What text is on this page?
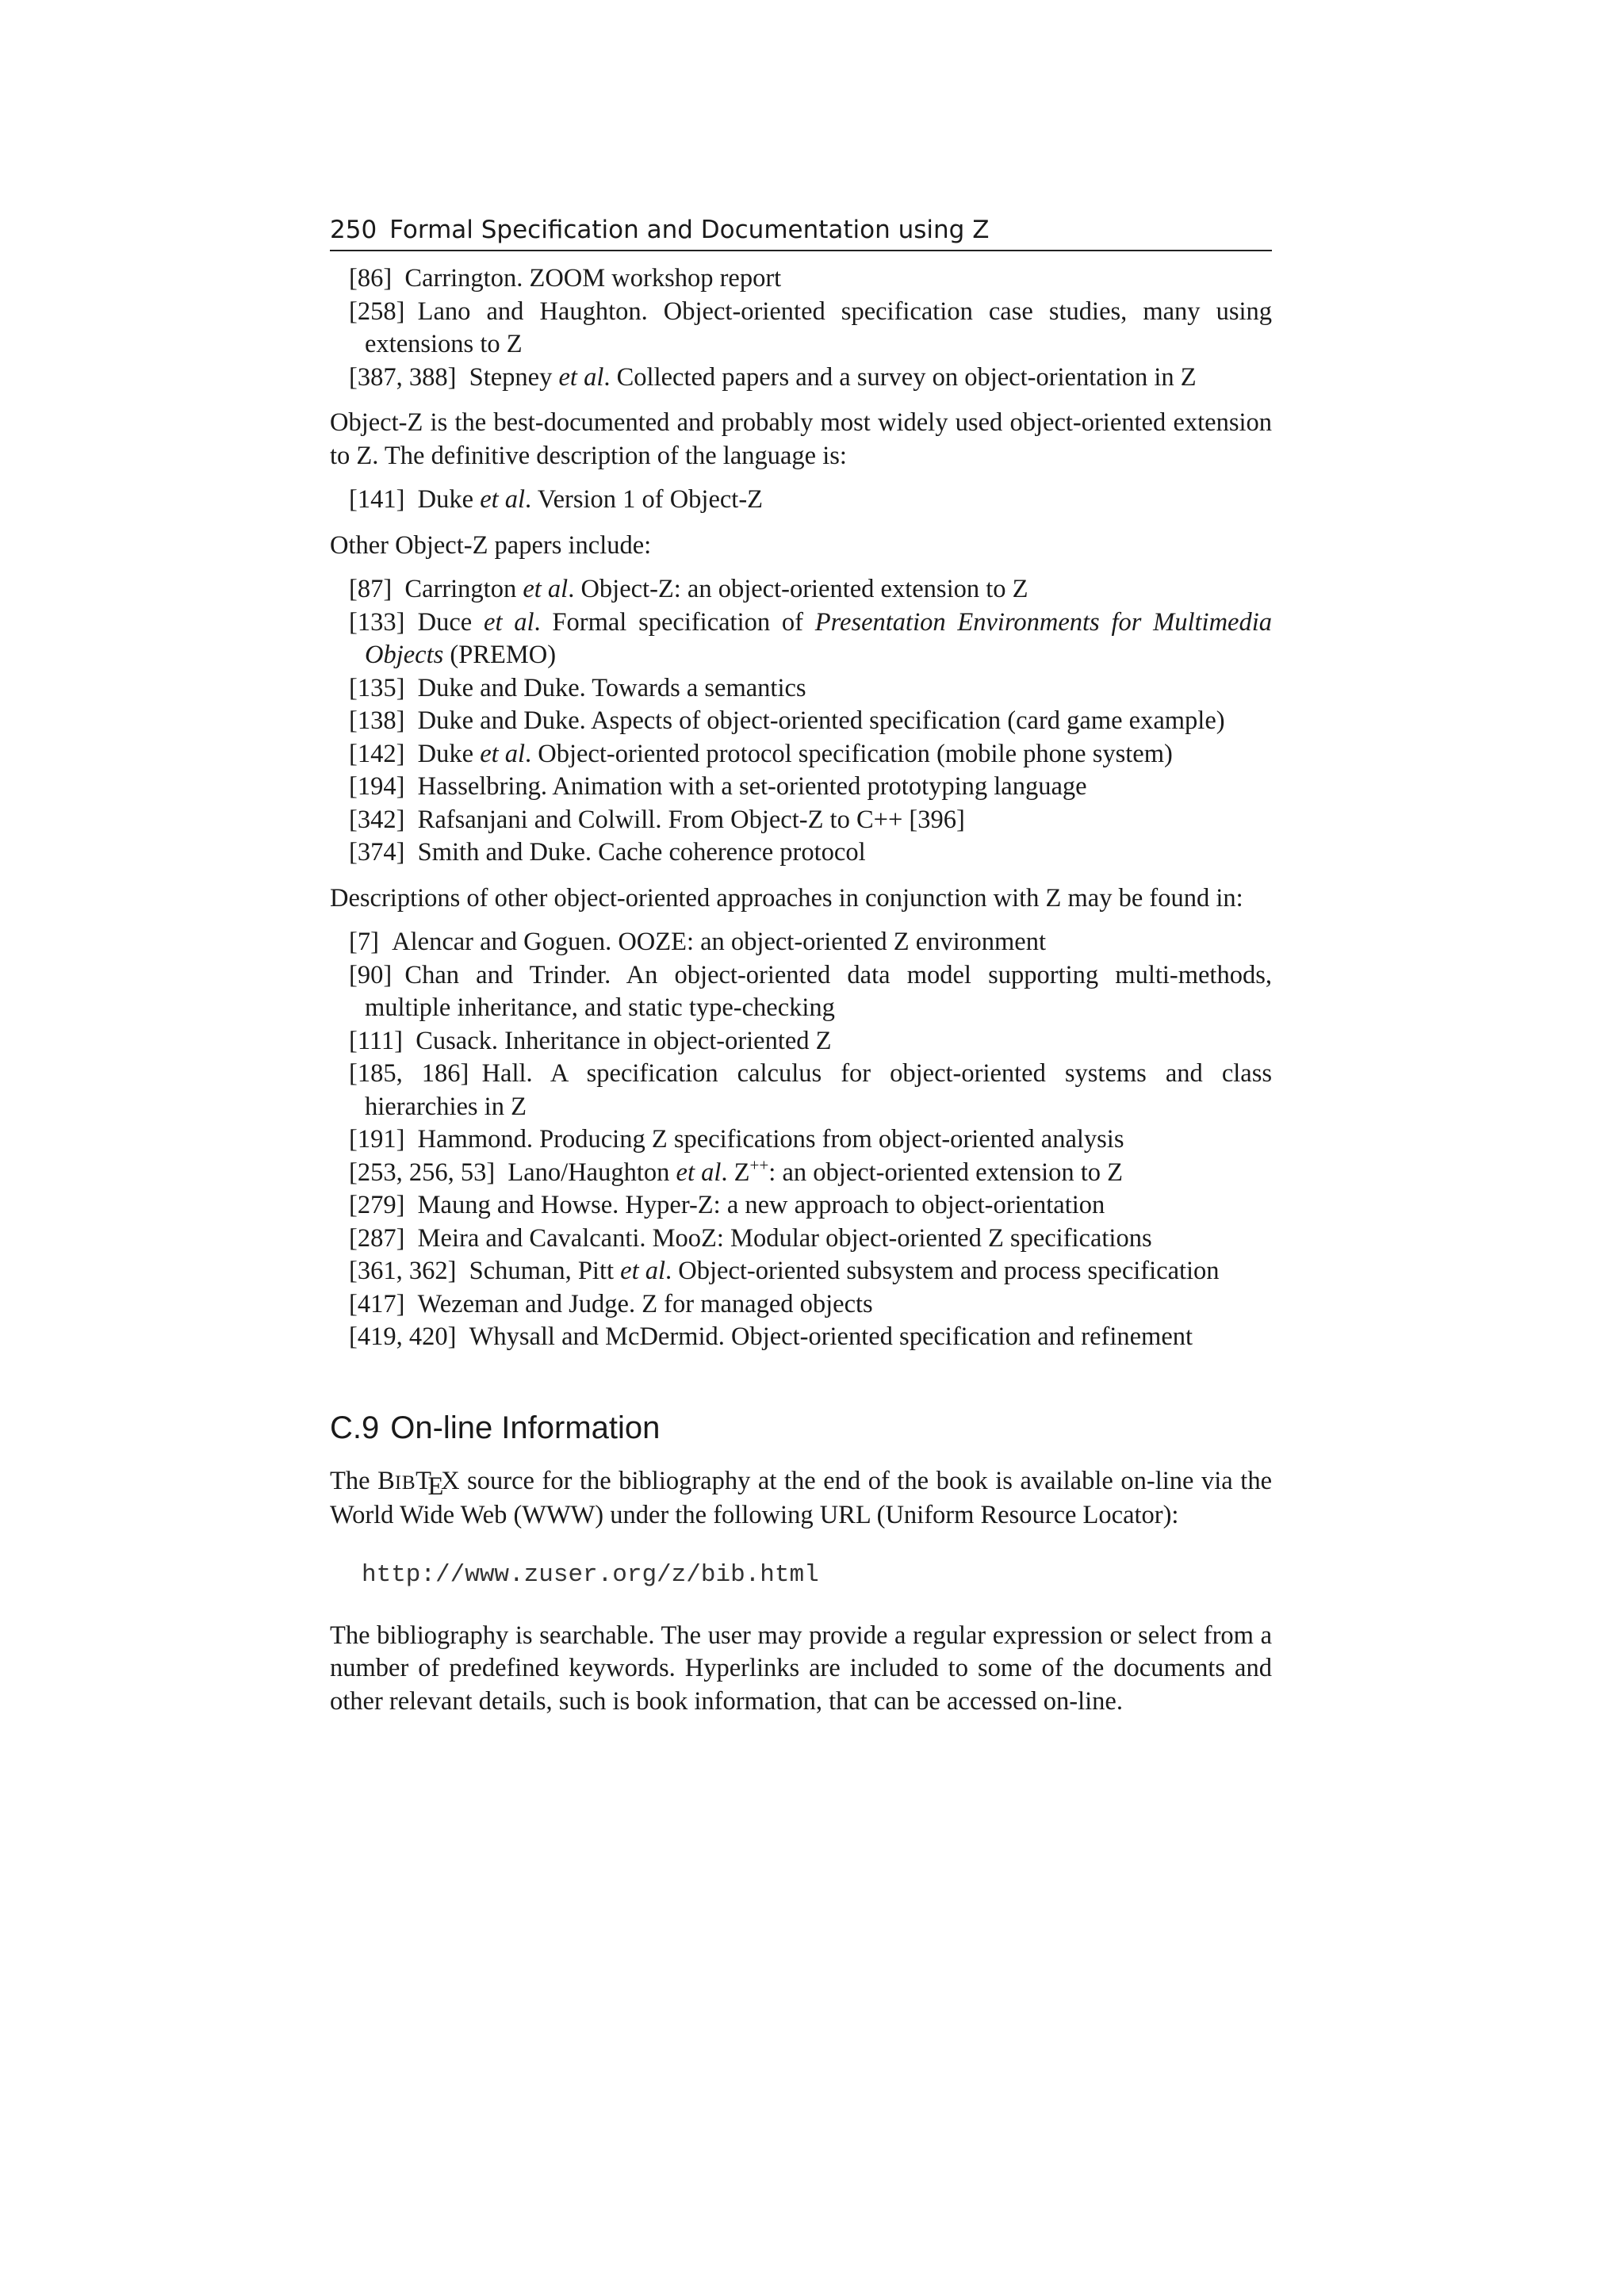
250 Formal Specification and Documentation using Z
[86]  Carrington. ZOOM workshop report
[258]  Lano and Haughton. Object-oriented specification case studies, many using extensions to Z
[387, 388]  Stepney et al. Collected papers and a survey on object-orientation in Z
Object-Z is the best-documented and probably most widely used object-oriented extension to Z. The definitive description of the language is:
[141]  Duke et al. Version 1 of Object-Z
Other Object-Z papers include:
[87]  Carrington et al. Object-Z: an object-oriented extension to Z
[133]  Duce et al. Formal specification of Presentation Environments for Multimedia Objects (PREMO)
[135]  Duke and Duke. Towards a semantics
[138]  Duke and Duke. Aspects of object-oriented specification (card game example)
[142]  Duke et al. Object-oriented protocol specification (mobile phone system)
[194]  Hasselbring. Animation with a set-oriented prototyping language
[342]  Rafsanjani and Colwill. From Object-Z to C++ [396]
[374]  Smith and Duke. Cache coherence protocol
Descriptions of other object-oriented approaches in conjunction with Z may be found in:
[7]  Alencar and Goguen. OOZE: an object-oriented Z environment
[90]  Chan and Trinder. An object-oriented data model supporting multi-methods, multiple inheritance, and static type-checking
[111]  Cusack. Inheritance in object-oriented Z
[185, 186]  Hall. A specification calculus for object-oriented systems and class hierarchies in Z
[191]  Hammond. Producing Z specifications from object-oriented analysis
[253, 256, 53]  Lano/Haughton et al. Z++: an object-oriented extension to Z
[279]  Maung and Howse. Hyper-Z: a new approach to object-orientation
[287]  Meira and Cavalcanti. MooZ: Modular object-oriented Z specifications
[361, 362]  Schuman, Pitt et al. Object-oriented subsystem and process specification
[417]  Wezeman and Judge. Z for managed objects
[419, 420]  Whysall and McDermid. Object-oriented specification and refinement
C.9 On-line Information
The BIBTEX source for the bibliography at the end of the book is available on-line via the World Wide Web (WWW) under the following URL (Uniform Resource Locator):
http://www.zuser.org/z/bib.html
The bibliography is searchable. The user may provide a regular expression or select from a number of predefined keywords. Hyperlinks are included to some of the documents and other relevant details, such is book information, that can be accessed on-line.
